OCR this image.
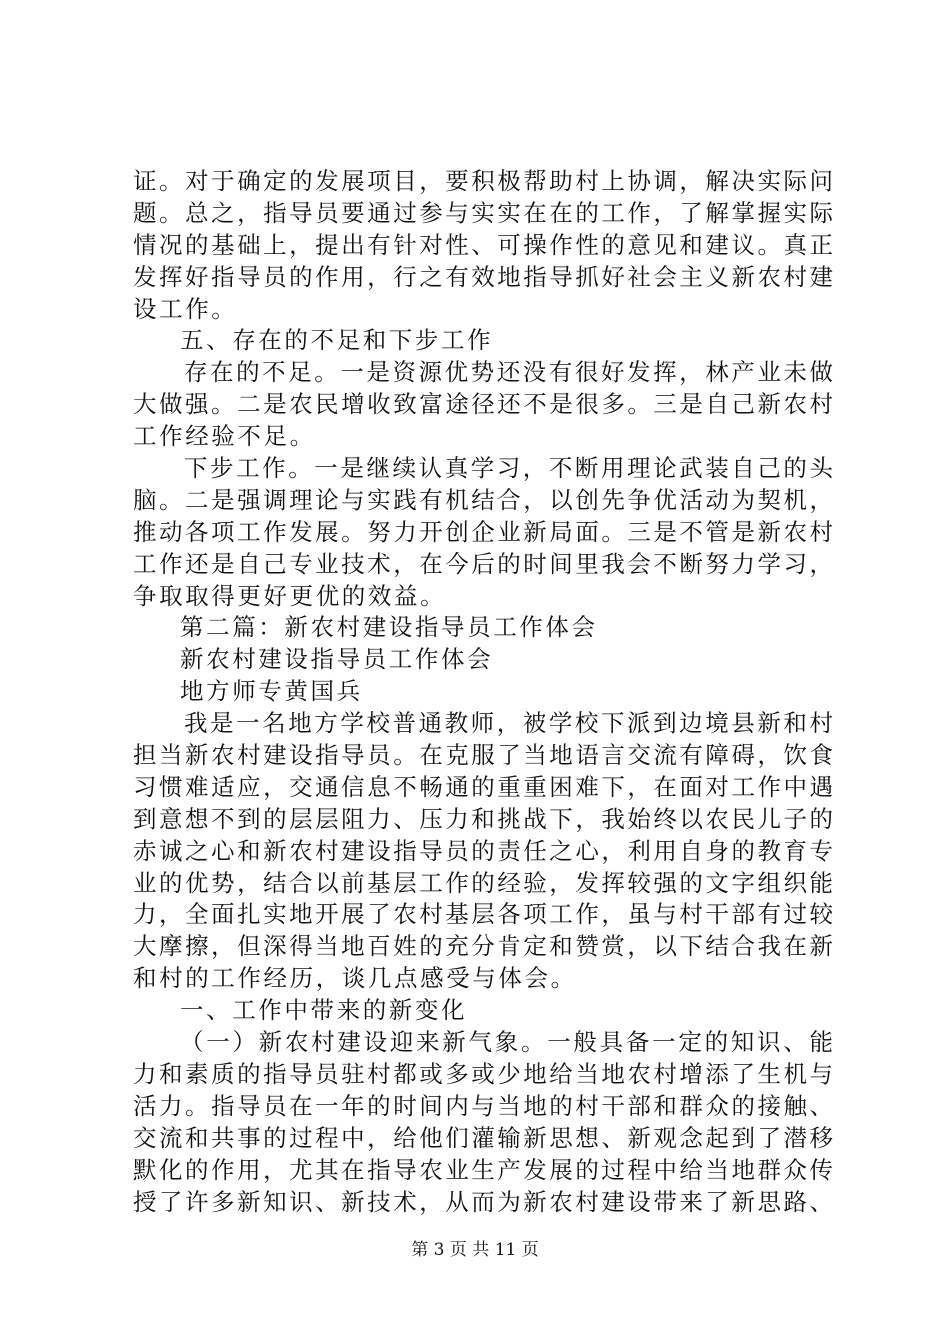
证。对于确定的发展项目，要积极帮助村上协调，解决实际问
题。总之，指导员要通过参与实实在在的工作，了解掌握实际
情况的基础上，提出有针对性、可操作性的意见和建议。真正
发挥好指导员的作用，行之有效地指导抓好社会主义新农村建
设工作。
五、存在的不足和下步工作
存在的不足。一是资源优势还没有很好发挥，林产业未做
大做强。二是农民增收致富途径还不是很多。三是自己新农村
工作经验不足。
下步工作。一是继续认真学习，不断用理论武装自己的头
脑。二是强调理论与实践有机结合，以创先争优活动为契机，
推动各项工作发展。努力开创企业新局面。三是不管是新农村
工作还是自己专业技术，在今后的时间里我会不断努力学习，
争取取得更好更优的效益。
第二篇：新农村建设指导员工作体会
新农村建设指导员工作体会
地方师专黄国兵
我是一名地方学校普通教师，被学校下派到边境县新和村
担当新农村建设指导员。在克服了当地语言交流有障碍，饮食
习惯难适应，交通信息不畅通的重重困难下，在面对工作中遇
到意想不到的层层阻力、压力和挑战下，我始终以农民儿子的
赤诚之心和新农村建设指导员的责任之心，利用自身的教育专
业的优势，结合以前基层工作的经验，发挥较强的文字组织能
力，全面扎实地开展了农村基层各项工作，虽与村干部有过较
大摩擦，但深得当地百姓的充分肯定和赞赏，以下结合我在新
和村的工作经历，谈几点感受与体会。
一、工作中带来的新变化
（一）新农村建设迎来新气象。一般具备一定的知识、能
力和素质的指导员驻村都或多或少地给当地农村增添了生机与
活力。指导员在一年的时间内与当地的村干部和群众的接触、
交流和共事的过程中，给他们灌输新思想、新观念起到了潜移
默化的作用，尤其在指导农业生产发展的过程中给当地群众传
授了许多新知识、新技术，从而为新农村建设带来了新思路、
第 3 页 共 11 页
